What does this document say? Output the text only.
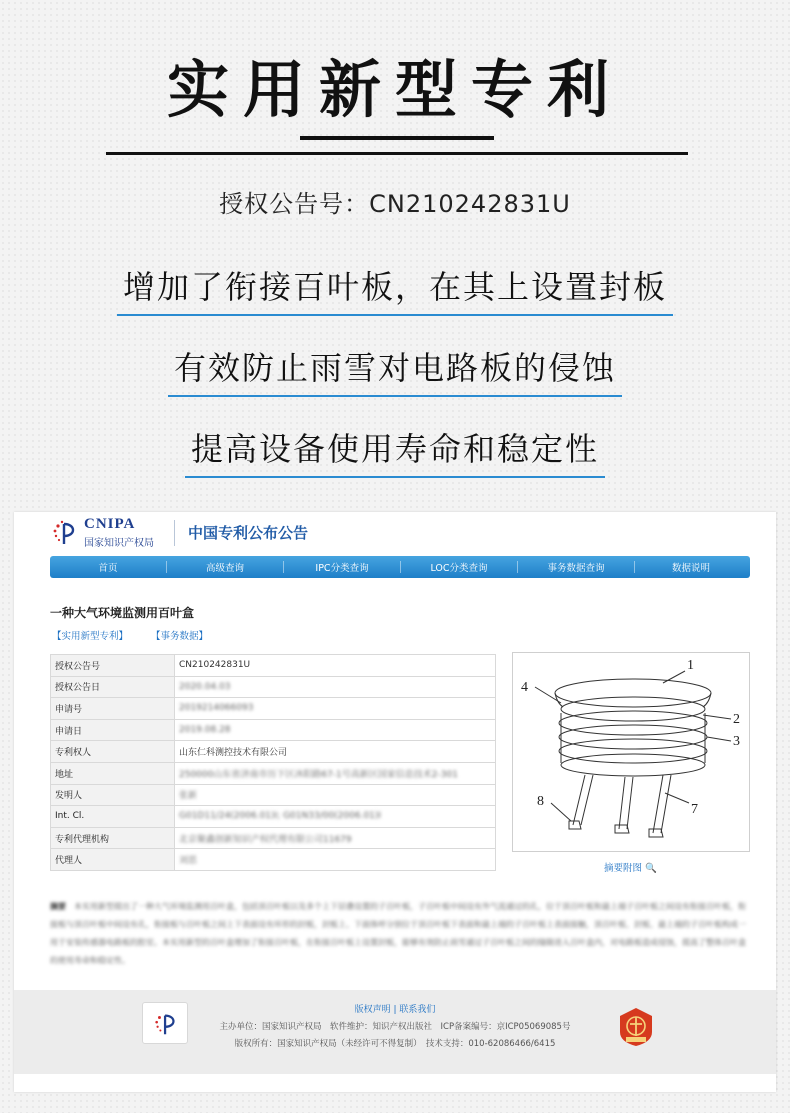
实用新型专利
授权公告号：CN210242831U
增加了衔接百叶板，在其上设置封板
有效防止雨雪对电路板的侵蚀
提高设备使用寿命和稳定性
CNIPA
国家知识产权局
中国专利公布公告
首页	高级查询	IPC分类查询	LOC分类查询	事务数据查询	数据说明
一种大气环境监测用百叶盒
【实用新型专利】 【事务数据】
授权公告号	CN210242831U
授权公告日	2020.04.03
申请号	2019214066093
申请日	2019.08.28
专利权人	山东仁科测控技术有限公司
地址	250000山东省济南市历下区沐阳路67-1号高新区国家信息技术2-301
发明人	张新
Int. Cl.	G01D11/24(2006.01)I; G01N33/00(2006.01)I
专利代理机构	北京聚鑫创新知识产权代理有限公司11679
代理人	刘思
1
2
3
4
7
8
摘要附图 🔍
摘要　 本实用新型提出了一种大气环境监测用百叶盒，包括顶百叶板以及多个上下层叠设置的子百叶板，子百叶板中间设有外气流通过的孔，位于顶百叶板和最上端子百叶板之间设有衔接百叶板，衔接板与顶百叶板中间设有孔，衔接板与百叶板之间上下表面设有环形的封板，封板上、下面体呼分别位于顶百叶板下表面和最上端的子百叶板上表面接触，顶百叶板、封板、最上端的子百叶板构成一用于安装传感器电路板的腔室。本实用新型的百叶盒增加了衔接百叶板，在衔接百叶板上设置封板，能够有效防止雨雪通过子百叶板之间的缝隙进入百叶盒内，对电路板造成侵蚀，提高了整体百叶盒的使用寿命和稳定性。
版权声明 | 联系我们
主办单位：国家知识产权局　软件维护：知识产权出版社　ICP备案编号：京ICP05069085号
版权所有：国家知识产权局（未经许可不得复制）　技术支持：010-62086466/6415
